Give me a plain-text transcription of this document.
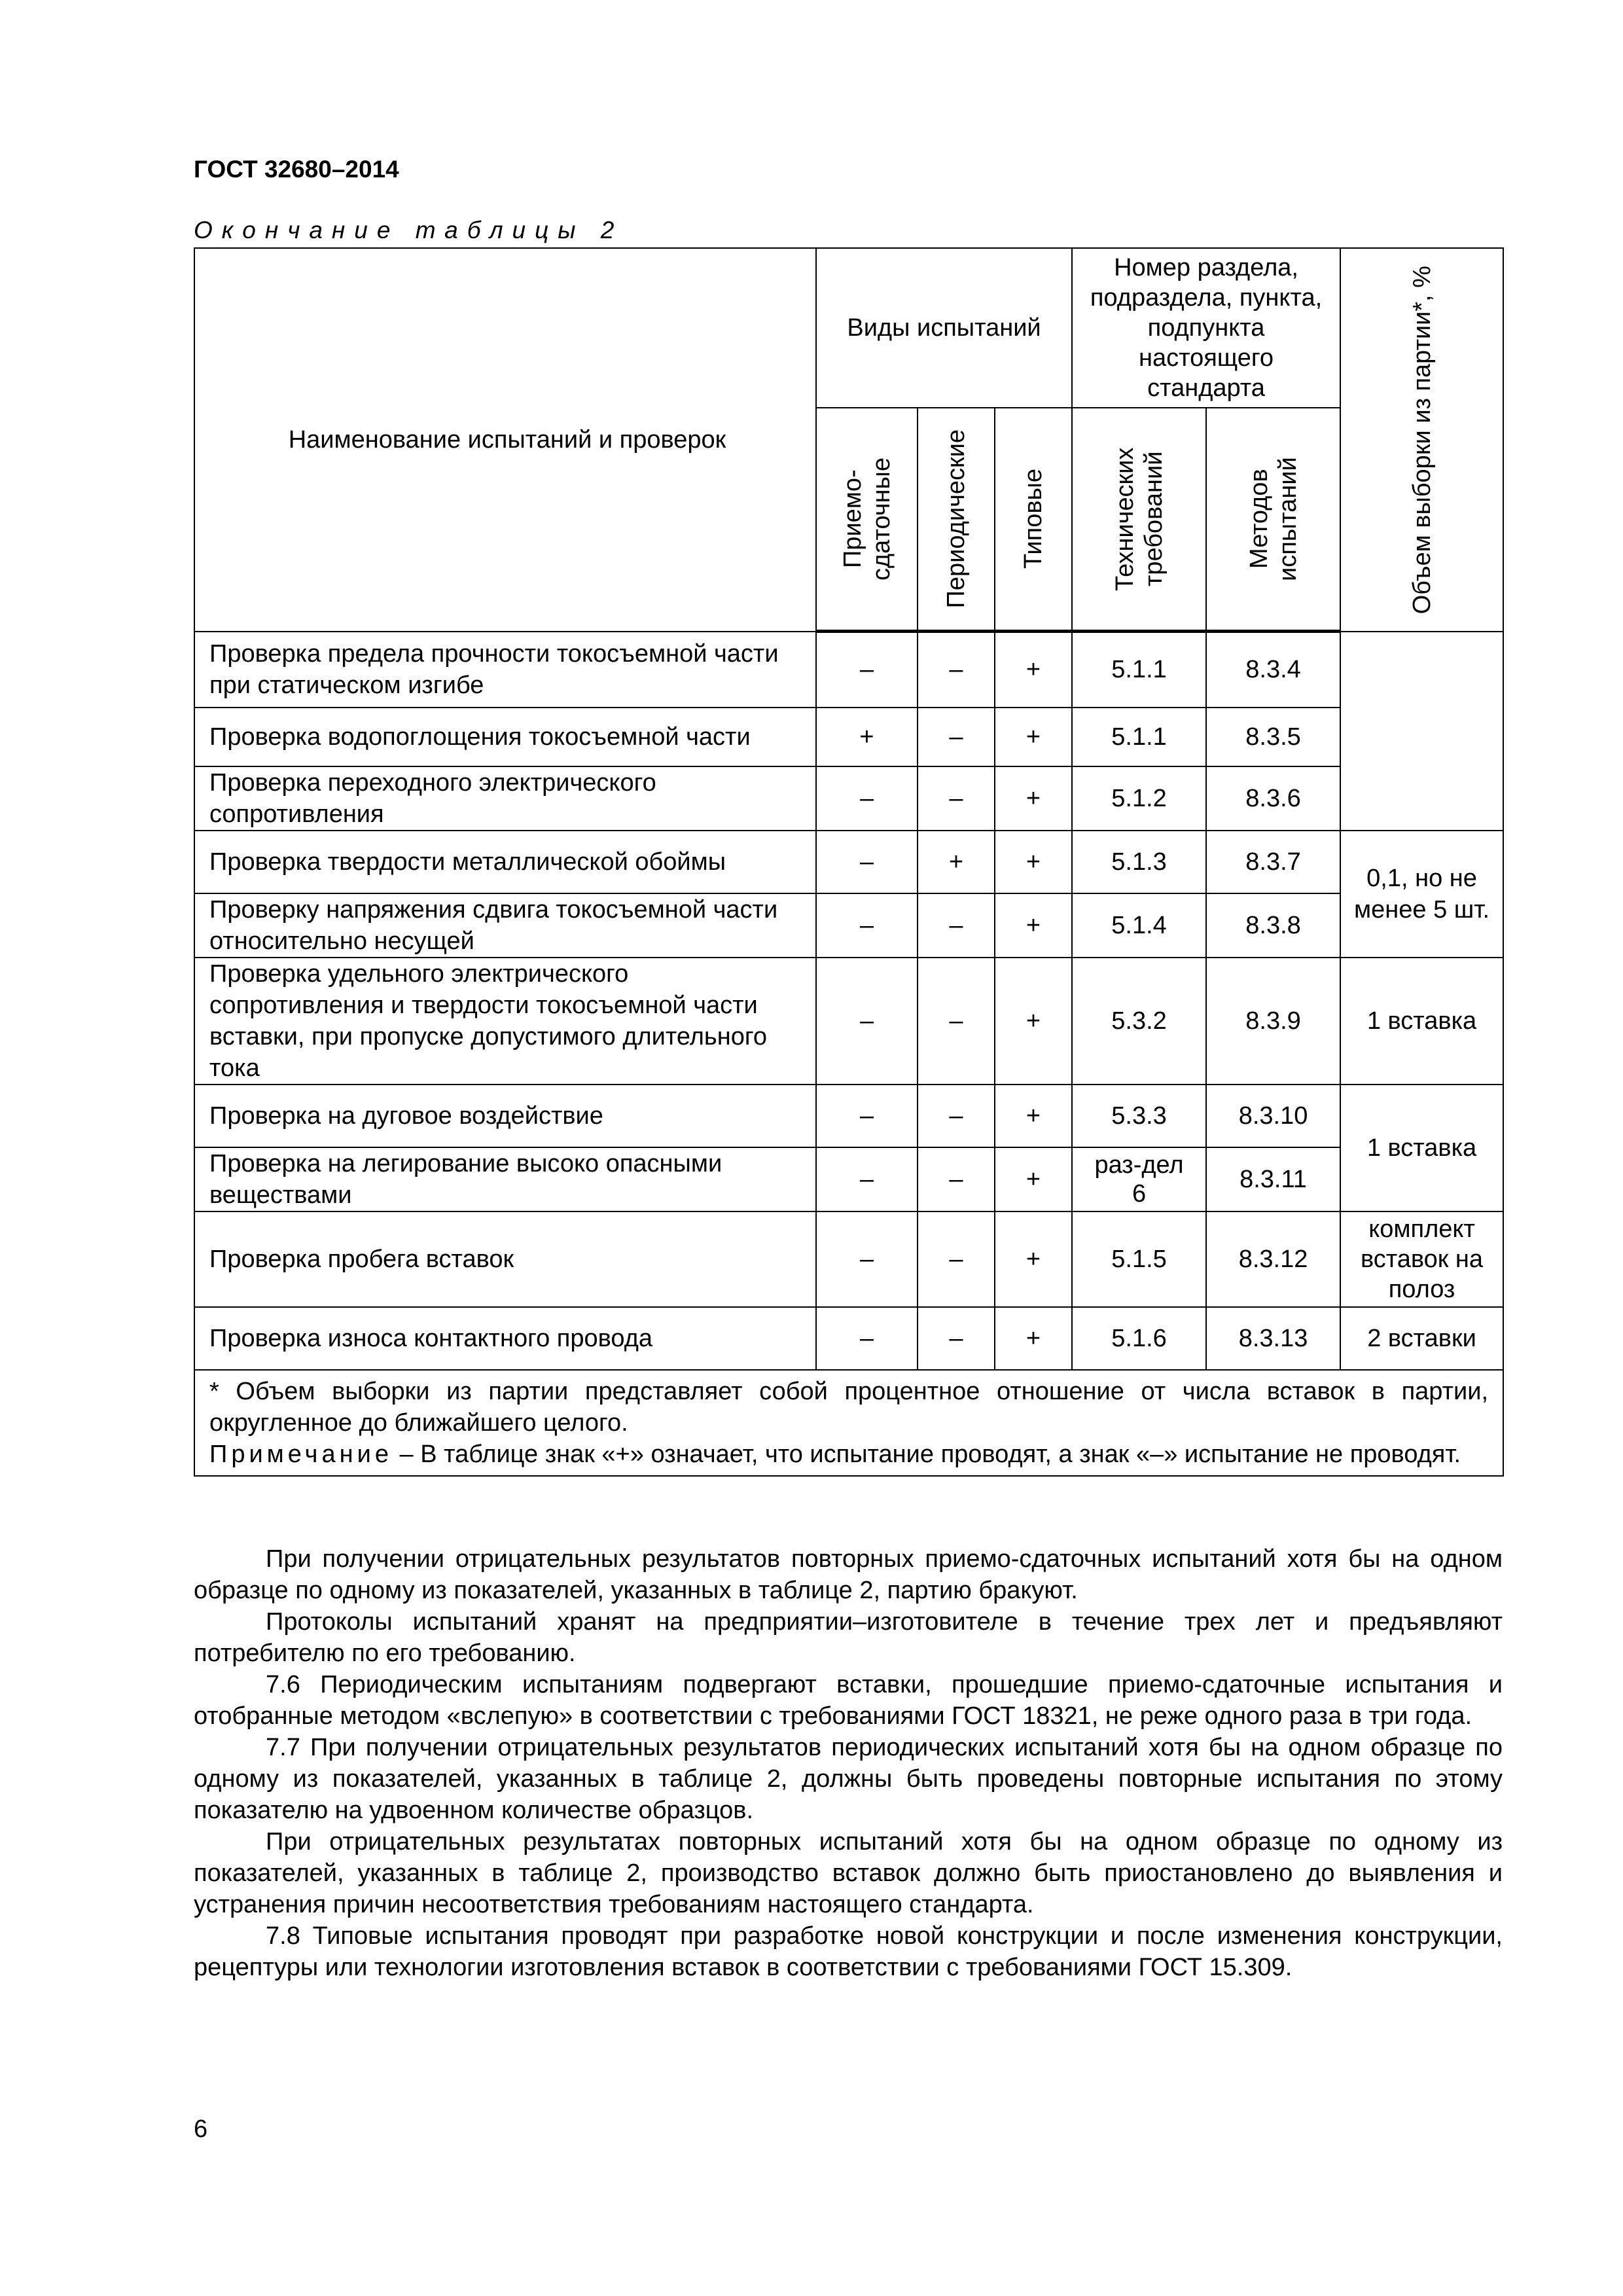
ГОСТ 32680–2014
Окончание таблицы 2
Наименование испытаний и проверок	Виды испытаний			Номер раздела, подраздела, пункта, подпункта настоящего стандарта		Объем выборки из партии*, %

	Приемо-сдаточные	Периодические	Типовые	Технических требований	Методов испытаний	

Проверка предела прочности токосъемной части при статическом изгибе	–	–	+	5.1.1	8.3.4	
Проверка водопоглощения токосъемной части	+	–	+	5.1.1	8.3.5	
Проверка переходного электрического сопротивления	–	–	+	5.1.2	8.3.6	
Проверка твердости металлической обоймы	–	+	+	5.1.3	8.3.7	0,1, но не менее 5 шт.
Проверку напряжения сдвига токосъемной части относительно несущей	–	–	+	5.1.4	8.3.8	
Проверка удельного электрического сопротивления и твердости токосъемной части вставки, при пропуске допустимого длительного тока	–	–	+	5.3.2	8.3.9	1 вставка
Проверка на дуговое воздействие	–	–	+	5.3.3	8.3.10	1 вставка
Проверка на легирование высоко опасными веществами	–	–	+	раз-дел 6	8.3.11	
Проверка пробега вставок	–	–	+	5.1.5	8.3.12	комплект вставок на полоз
Проверка износа контактного провода	–	–	+	5.1.6	8.3.13	2 вставки

* Объем выборки из партии представляет собой процентное отношение от числа вставок в партии, округленное до ближайшего целого.
Примечание – В таблице знак «+» означает, что испытание проводят, а знак «–» испытание не проводят.						

При получении отрицательных результатов повторных приемо-сдаточных испытаний хотя бы на одном образце по одному из показателей, указанных в таблице 2, партию бракуют.

Протоколы испытаний хранят на предприятии–изготовителе в течение трех лет и предъявляют потребителю по его требованию.

7.6 Периодическим испытаниям подвергают вставки, прошедшие приемо-сдаточные испытания и отобранные методом «вслепую» в соответствии с требованиями ГОСТ 18321, не реже одного раза в три года.

7.7 При получении отрицательных результатов периодических испытаний хотя бы на одном образце по одному из показателей, указанных в таблице 2, должны быть проведены повторные испытания по этому показателю на удвоенном количестве образцов.

При отрицательных результатах повторных испытаний хотя бы на одном образце по одному из показателей, указанных в таблице 2, производство вставок должно быть приостановлено до выявления и устранения причин несоответствия требованиям настоящего стандарта.

7.8 Типовые испытания проводят при разработке новой конструкции и после изменения конструкции, рецептуры или технологии изготовления вставок в соответствии с требованиями ГОСТ 15.309.

6
